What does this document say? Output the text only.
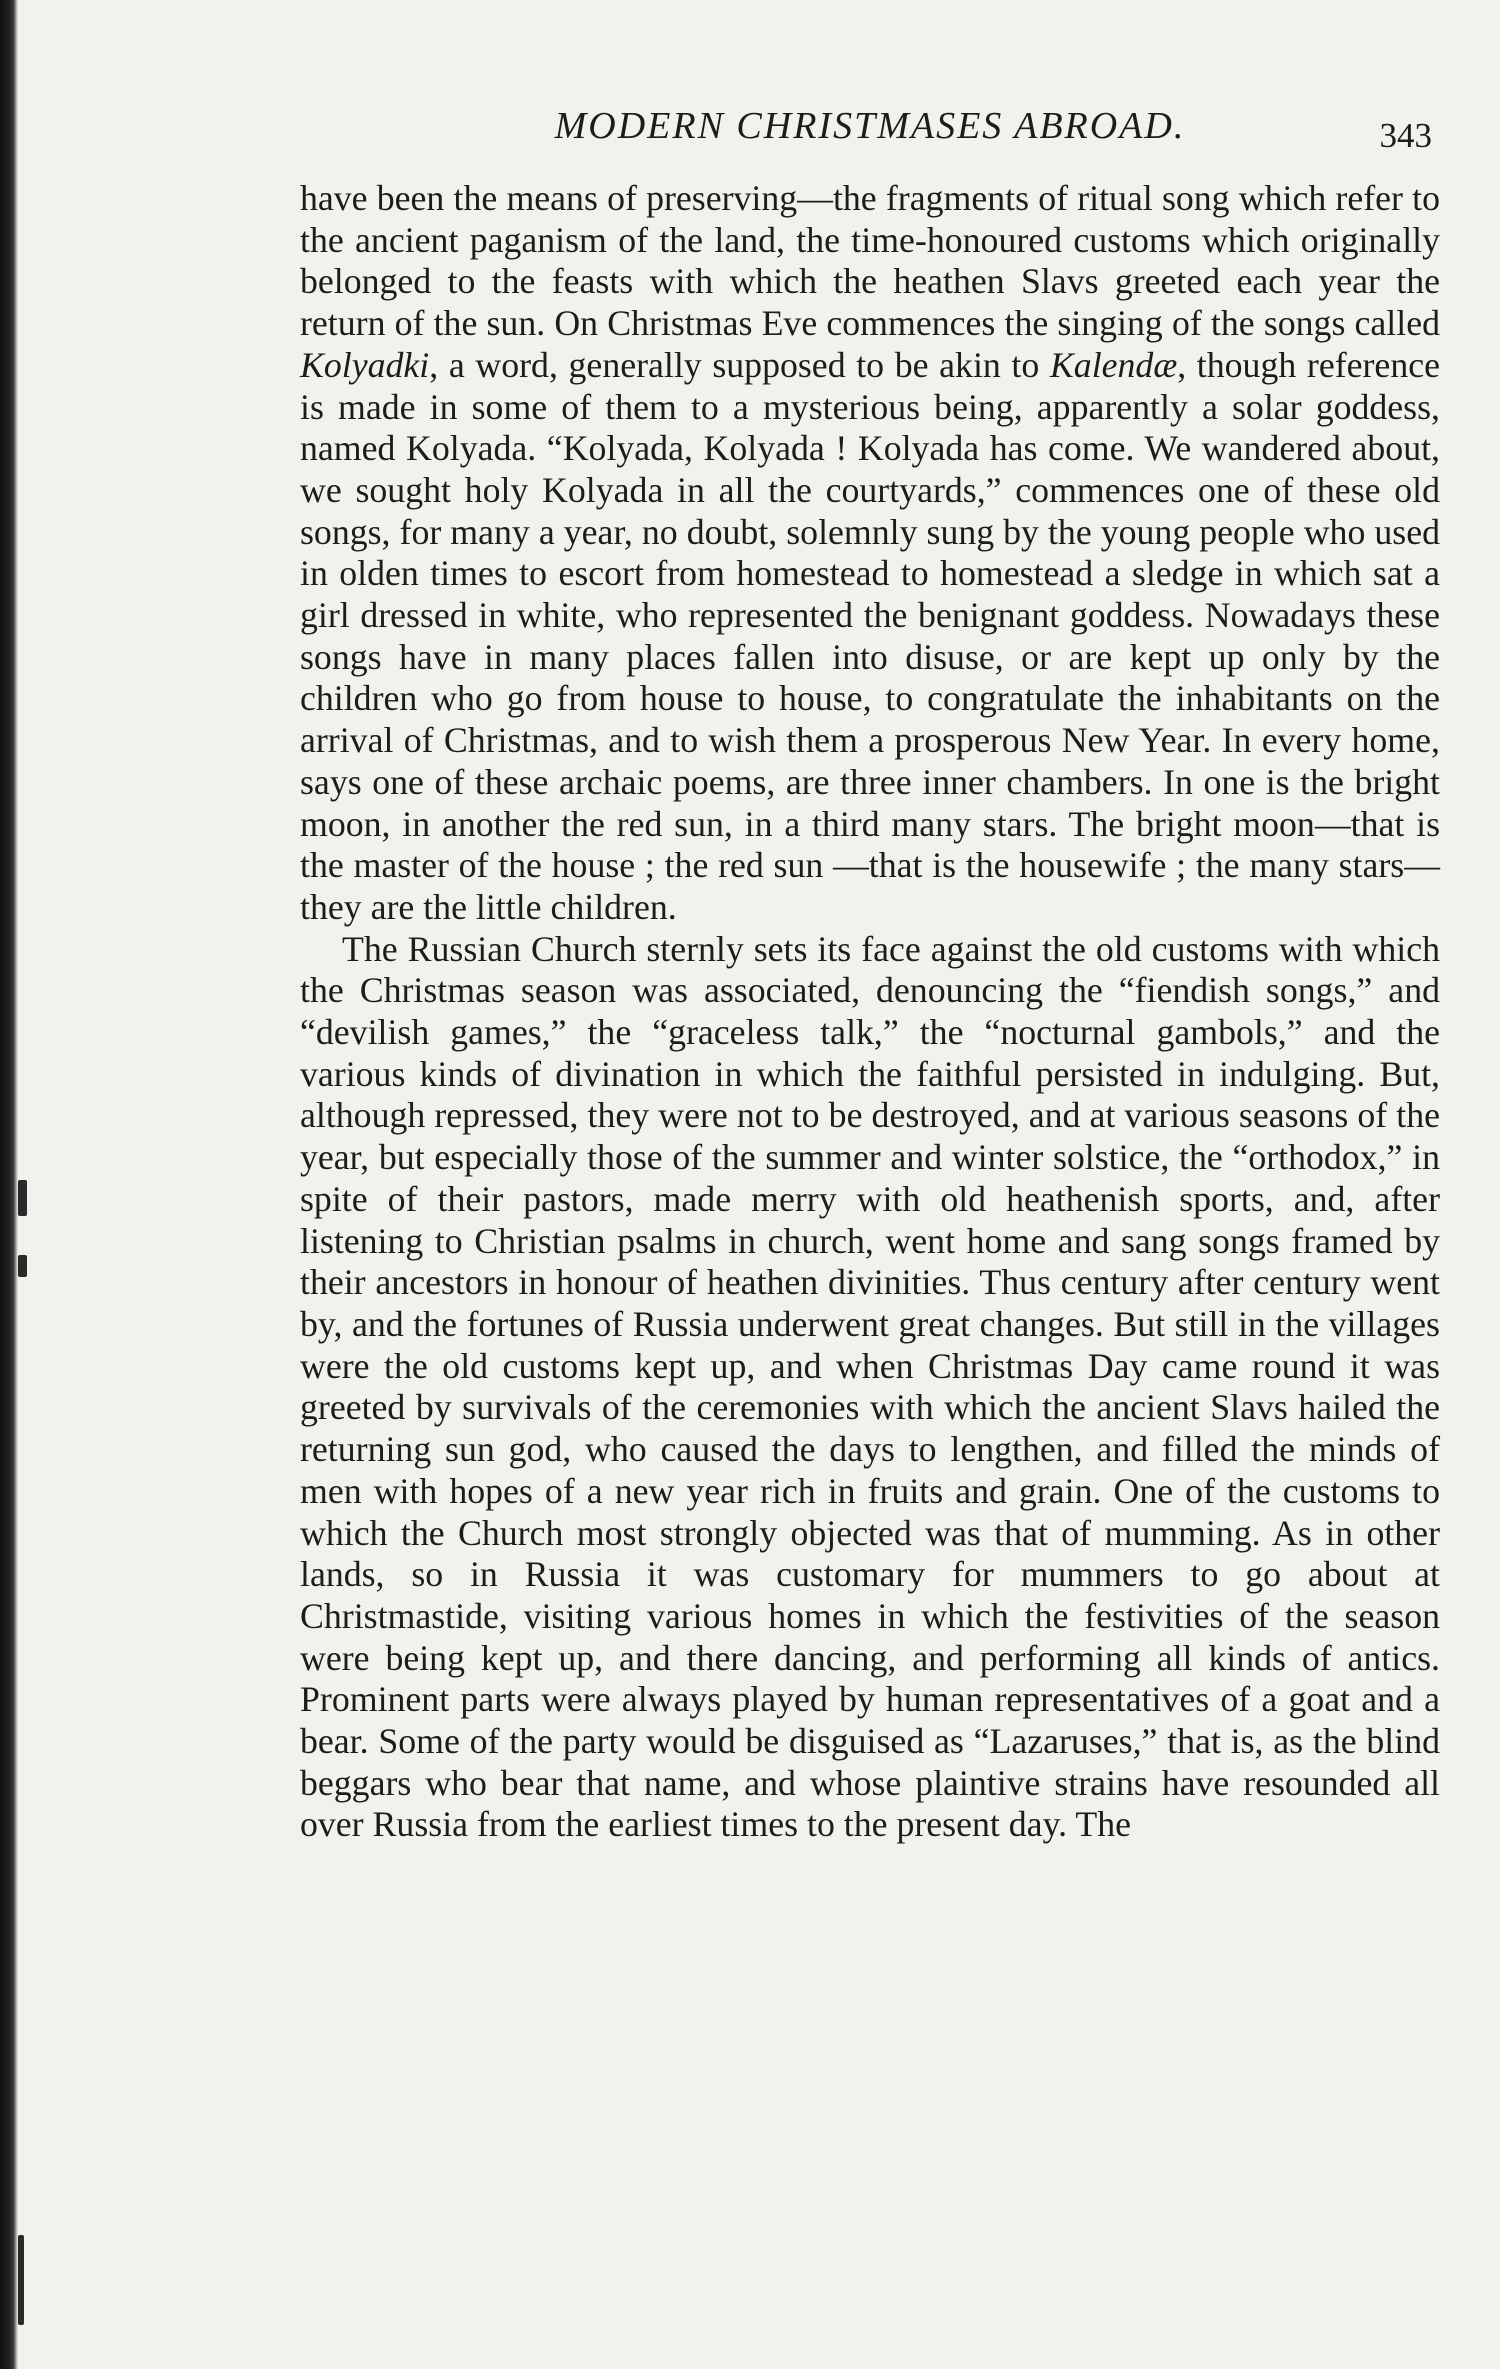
MODERN CHRISTMASES ABROAD.	343

have been the means of preserving—the fragments of ritual song which refer to the ancient paganism of the land, the time-honoured customs which originally belonged to the feasts with which the heathen Slavs greeted each year the return of the sun. On Christmas Eve commences the singing of the songs called Kolyadki, a word, generally supposed to be akin to Kalendæ, though reference is made in some of them to a mysterious being, apparently a solar goddess, named Kolyada. “Kolyada, Kolyada ! Kolyada has come. We wandered about, we sought holy Kolyada in all the courtyards,” commences one of these old songs, for many a year, no doubt, solemnly sung by the young people who used in olden times to escort from homestead to homestead a sledge in which sat a girl dressed in white, who represented the benignant goddess. Nowadays these songs have in many places fallen into disuse, or are kept up only by the children who go from house to house, to congratulate the inhabitants on the arrival of Christmas, and to wish them a prosperous New Year. In every home, says one of these archaic poems, are three inner chambers. In one is the bright moon, in another the red sun, in a third many stars. The bright moon—that is the master of the house ; the red sun —that is the housewife ; the many stars—they are the little children.

The Russian Church sternly sets its face against the old customs with which the Christmas season was associated, denouncing the “fiendish songs,” and “devilish games,” the “graceless talk,” the “nocturnal gambols,” and the various kinds of divination in which the faithful persisted in indulging. But, although repressed, they were not to be destroyed, and at various seasons of the year, but especially those of the summer and winter solstice, the “orthodox,” in spite of their pastors, made merry with old heathenish sports, and, after listening to Christian psalms in church, went home and sang songs framed by their ancestors in honour of heathen divinities. Thus century after century went by, and the fortunes of Russia underwent great changes. But still in the villages were the old customs kept up, and when Christmas Day came round it was greeted by survivals of the ceremonies with which the ancient Slavs hailed the returning sun god, who caused the days to lengthen, and filled the minds of men with hopes of a new year rich in fruits and grain. One of the customs to which the Church most strongly objected was that of mumming. As in other lands, so in Russia it was customary for mummers to go about at Christmastide, visiting various homes in which the festivities of the season were being kept up, and there dancing, and performing all kinds of antics. Prominent parts were always played by human representatives of a goat and a bear. Some of the party would be disguised as “Lazaruses,” that is, as the blind beggars who bear that name, and whose plaintive strains have resounded all over Russia from the earliest times to the present day. The
